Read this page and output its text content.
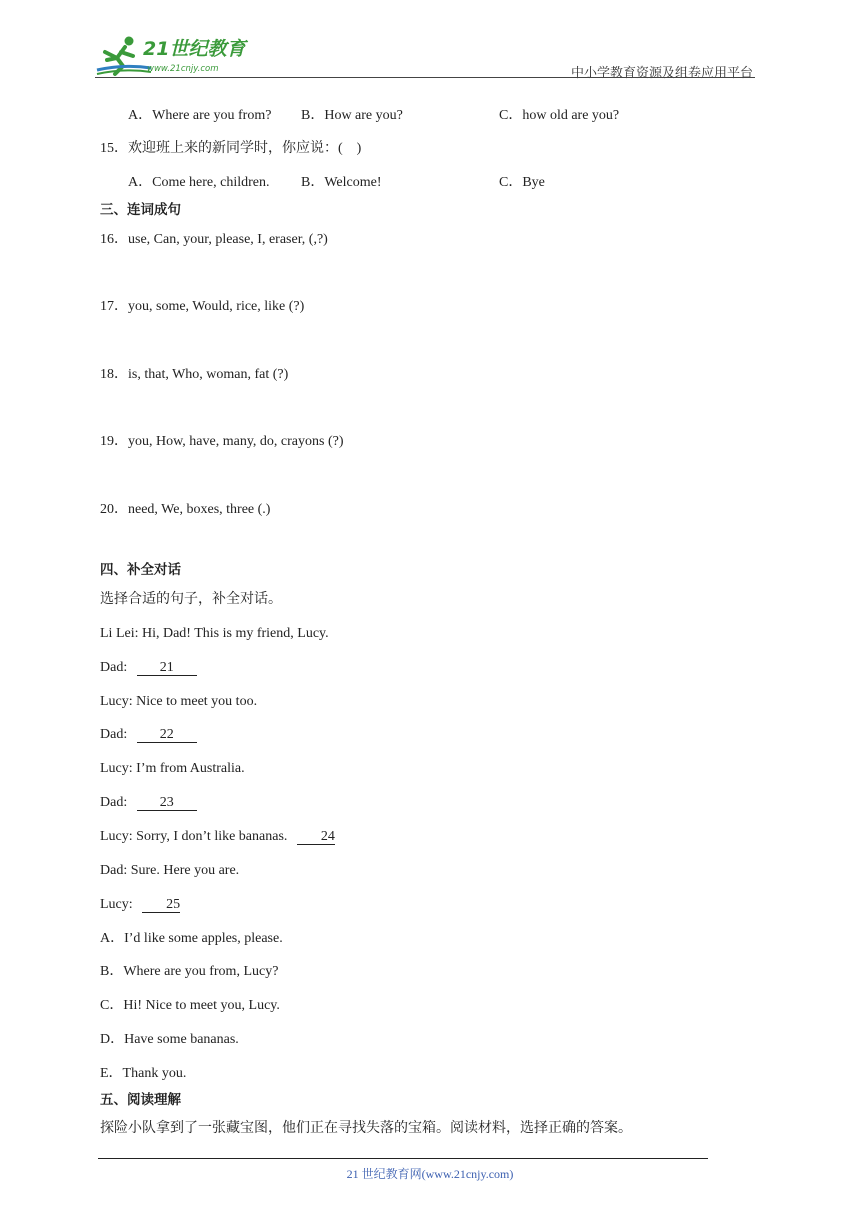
21世纪教育
www.21cnjy.com	中小学教育资源及组卷应用平台
A．Where are you from? B．How are you?	C．how old are you?
15．欢迎班上来的新同学时，你应说：(　)
A．Come here, children. B．Welcome!	C．Bye
三、连词成句
16．use, Can, your, please, I, eraser, (,?)
17．you, some, Would, rice, like (?)
18．is, that, Who, woman, fat (?)
19．you, How, have, many, do, crayons (?)
20．need, We, boxes, three (.)
四、补全对话
选择合适的句子，补全对话。
Li Lei: Hi, Dad! This is my friend, Lucy.
Dad: 21
Lucy: Nice to meet you too.
Dad: 22
Lucy: I’m from Australia.
Dad: 23
Lucy: Sorry, I don’t like bananas. 24
Dad: Sure. Here you are.
Lucy: 25
A．I’d like some apples, please.
B．Where are you from, Lucy?
C．Hi! Nice to meet you, Lucy.
D．Have some bananas.
E．Thank you.
五、阅读理解
探险小队拿到了一张藏宝图，他们正在寻找失落的宝箱。阅读材料，选择正确的答案。
21 世纪教育网(www.21cnjy.com)
